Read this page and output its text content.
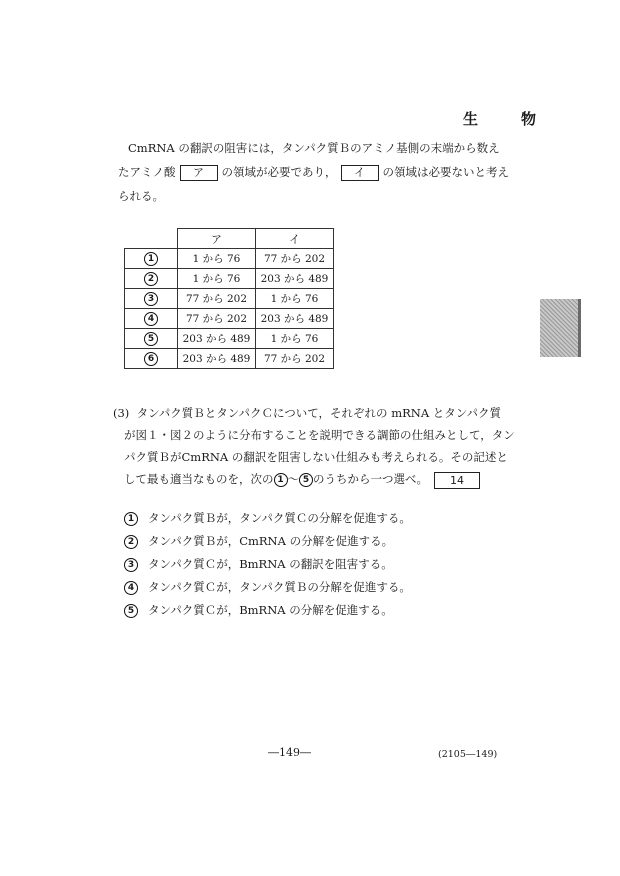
生　物
CmRNA の翻訳の阻害には，タンパク質Ｂのアミノ基側の末端から数え
たアミノ酸 ア の領域が必要であり， イ の領域は必要ないと考え
られる。
	ア	イ
1	1 から 76	77 から 202
2	1 から 76	203 から 489
3	77 から 202	1 から 76
4	77 から 202	203 から 489
5	203 から 489	1 から 76
6	203 から 489	77 から 202
(3) タンパク質ＢとタンパクＣについて，それぞれの mRNA とタンパク質
が図１・図２のように分布することを説明できる調節の仕組みとして，タン
パク質ＢがCmRNA の翻訳を阻害しない仕組みも考えられる。その記述と
して最も適当なものを，次の 1 ～ 5 のうちから一つ選べ。 14
1 タンパク質Ｂが，タンパク質Ｃの分解を促進する。
2 タンパク質Ｂが，CmRNA の分解を促進する。
3 タンパク質Ｃが，BmRNA の翻訳を阻害する。
4 タンパク質Ｃが，タンパク質Ｂの分解を促進する。
5 タンパク質Ｃが，BmRNA の分解を促進する。
―149―	(2105―149)
